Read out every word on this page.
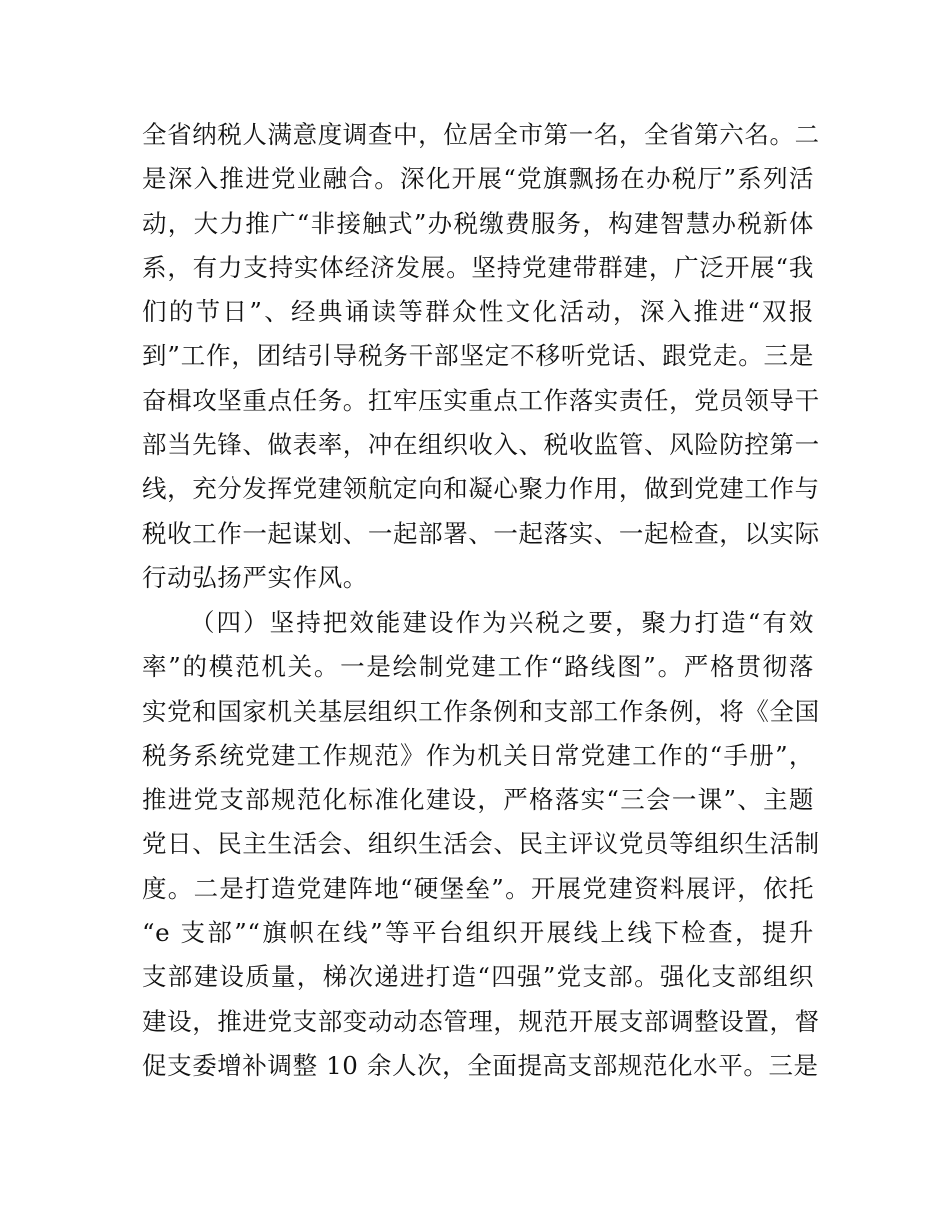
全省纳税人满意度调查中，位居全市第一名，全省第六名。二
是深入推进党业融合。深化开展“党旗飘扬在办税厅”系列活
动，大力推广“非接触式”办税缴费服务，构建智慧办税新体
系，有力支持实体经济发展。坚持党建带群建，广泛开展“我
们的节日”、经典诵读等群众性文化活动，深入推进“双报
到”工作，团结引导税务干部坚定不移听党话、跟党走。三是
奋楫攻坚重点任务。扛牢压实重点工作落实责任，党员领导干
部当先锋、做表率，冲在组织收入、税收监管、风险防控第一
线，充分发挥党建领航定向和凝心聚力作用，做到党建工作与
税收工作一起谋划、一起部署、一起落实、一起检查，以实际
行动弘扬严实作风。
（四）坚持把效能建设作为兴税之要，聚力打造“有效
率”的模范机关。一是绘制党建工作“路线图”。严格贯彻落
实党和国家机关基层组织工作条例和支部工作条例，将《全国
税务系统党建工作规范》作为机关日常党建工作的“手册”，
推进党支部规范化标准化建设，严格落实“三会一课”、主题
党日、民主生活会、组织生活会、民主评议党员等组织生活制
度。二是打造党建阵地“硬堡垒”。开展党建资料展评，依托
“e 支部”“旗帜在线”等平台组织开展线上线下检查，提升
支部建设质量，梯次递进打造“四强”党支部。强化支部组织
建设，推进党支部变动动态管理，规范开展支部调整设置，督
促支委增补调整 10 余人次，全面提高支部规范化水平。三是
